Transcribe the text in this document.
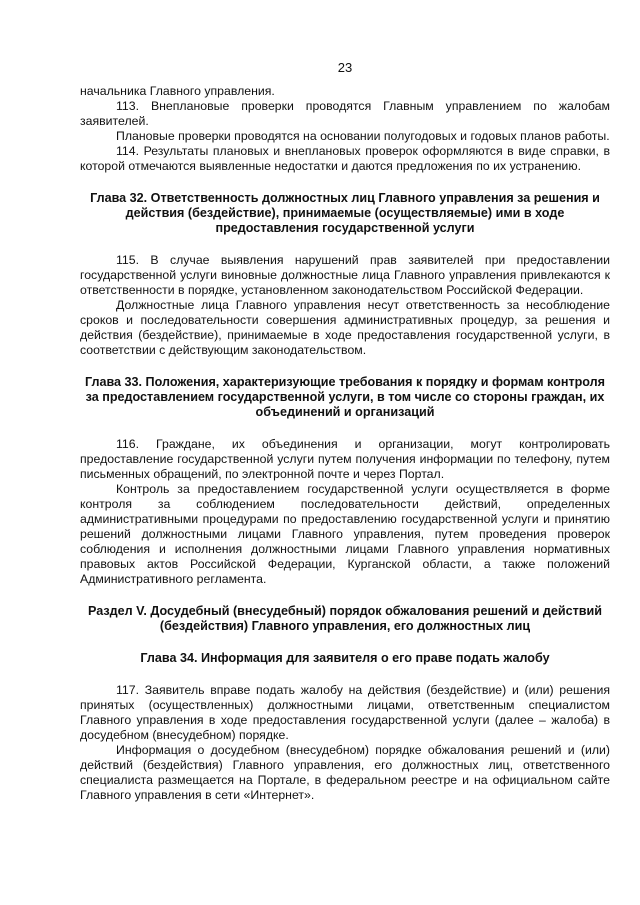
23

начальника Главного управления.

113. Внеплановые проверки проводятся Главным управлением по жалобам заявителей.

Плановые проверки проводятся на основании полугодовых и годовых планов работы.

114. Результаты плановых и внеплановых проверок оформляются в виде справки, в которой отмечаются выявленные недостатки и даются предложения по их устранению.

Глава 32. Ответственность должностных лиц Главного управления за решения и действия (бездействие), принимаемые (осуществляемые) ими в ходе предоставления государственной услуги

115. В случае выявления нарушений прав заявителей при предоставлении государственной услуги виновные должностные лица Главного управления привлекаются к ответственности в порядке, установленном законодательством Российской Федерации.

Должностные лица Главного управления несут ответственность за несоблюдение сроков и последовательности совершения административных процедур, за решения и действия (бездействие), принимаемые в ходе предоставления государственной услуги, в соответствии с действующим законодательством.

Глава 33. Положения, характеризующие требования к порядку и формам контроля за предоставлением государственной услуги, в том числе со стороны граждан, их объединений и организаций

116. Граждане, их объединения и организации, могут контролировать предоставление государственной услуги путем получения информации по телефону, путем письменных обращений, по электронной почте и через Портал.

Контроль за предоставлением государственной услуги осуществляется в форме контроля за соблюдением последовательности действий, определенных административными процедурами по предоставлению государственной услуги и принятию решений должностными лицами Главного управления, путем проведения проверок соблюдения и исполнения должностными лицами Главного управления нормативных правовых актов Российской Федерации, Курганской области, а также положений Административного регламента.

Раздел V. Досудебный (внесудебный) порядок обжалования решений и действий (бездействия) Главного управления, его должностных лиц
Глава 34. Информация для заявителя о его праве подать жалобу

117. Заявитель вправе подать жалобу на действия (бездействие) и (или) решения принятых (осуществленных) должностными лицами, ответственным специалистом Главного управления в ходе предоставления государственной услуги (далее – жалоба) в досудебном (внесудебном) порядке.

Информация о досудебном (внесудебном) порядке обжалования решений и (или) действий (бездействия) Главного управления, его должностных лиц, ответственного специалиста размещается на Портале, в федеральном реестре и на официальном сайте Главного управления в сети «Интернет».
